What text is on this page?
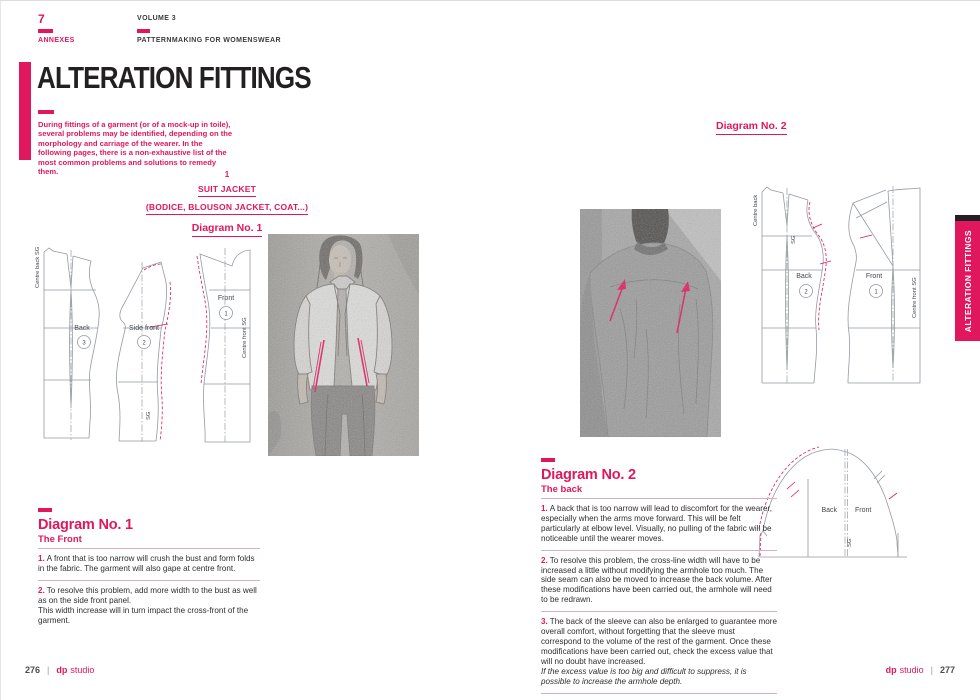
7
ANNEXES
VOLUME 3
PATTERNMAKING FOR WOMENSWEAR
ALTERATION FITTINGS
During fittings of a garment (or of a mock-up in toile), several problems may be identified, depending on the morphology and carriage of the wearer. In the following pages, there is a non-exhaustive list of the most common problems and solutions to remedy them.	1
SUIT JACKET
(BODICE, BLOUSON JACKET, COAT...)
Diagram No. 1
Diagram No. 2
Back
3
Side front
2
Front
1
Centre back SG
Centre front SG
SG
Back
2
Front
1
Centre back
SG
Centre front SG
Back	Front
SG
Diagram No. 1
The Front
1. A front that is too narrow will crush the bust and form folds in the fabric. The garment will also gape at centre front.
2. To resolve this problem, add more width to the bust as well as on the side front panel.
This width increase will in turn impact the cross-front of the garment.
Diagram No. 2
The back
1. A back that is too narrow will lead to discomfort for the wearer, especially when the arms move forward. This will be felt particularly at elbow level. Visually, no pulling of the fabric will be noticeable until the wearer moves.
2. To resolve this problem, the cross-line width will have to be increased a little without modifying the armhole too much. The side seam can also be moved to increase the back volume. After these modifications have been carried out, the armhole will need to be redrawn.
3. The back of the sleeve can also be enlarged to guarantee more overall comfort, without forgetting that the sleeve must correspond to the volume of the rest of the garment. Once these modifications have been carried out, check the excess value that will no doubt have increased.
If the excess value is too big and difficult to suppress, it is possible to increase the armhole depth.
ALTERATION FITTINGS
276 | dp studio	dp studio | 277
